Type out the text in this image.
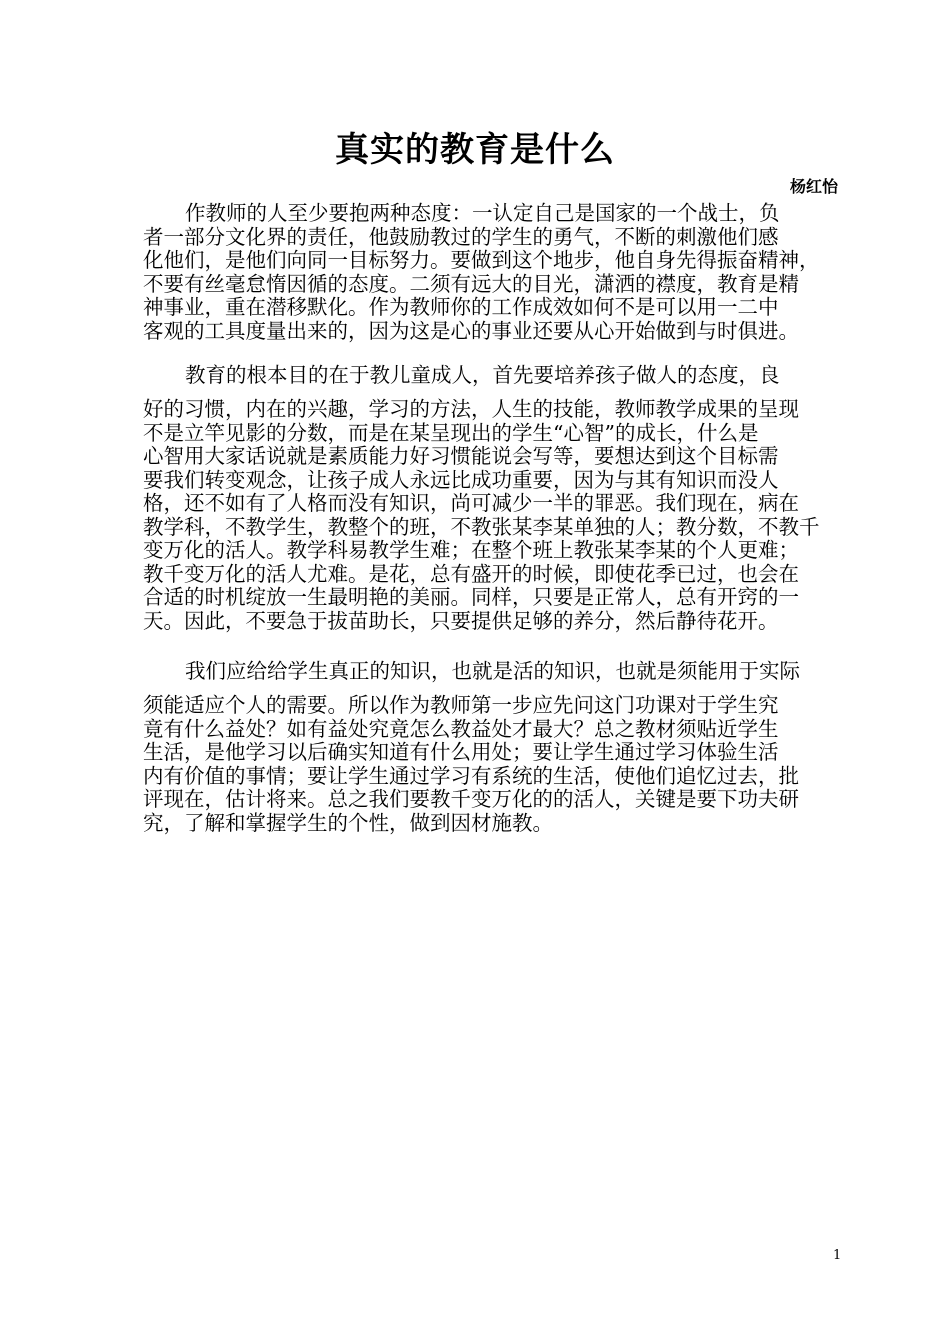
真实的教育是什么
杨红怡
作教师的人至少要抱两种态度：一认定自己是国家的一个战士，负
者一部分文化界的责任，他鼓励教过的学生的勇气，不断的刺激他们感
化他们，是他们向同一目标努力。要做到这个地步，他自身先得振奋精神，
不要有丝毫怠惰因循的态度。二须有远大的目光，潇洒的襟度，教育是精
神事业，重在潜移默化。作为教师你的工作成效如何不是可以用一二中
客观的工具度量出来的，因为这是心的事业还要从心开始做到与时俱进。
教育的根本目的在于教儿童成人，首先要培养孩子做人的态度，良
好的习惯，内在的兴趣，学习的方法，人生的技能，教师教学成果的呈现
不是立竿见影的分数，而是在某呈现出的学生“心智”的成长，什么是
心智用大家话说就是素质能力好习惯能说会写等，要想达到这个目标需
要我们转变观念，让孩子成人永远比成功重要，因为与其有知识而没人
格，还不如有了人格而没有知识，尚可减少一半的罪恶。我们现在，病在
教学科，不教学生，教整个的班，不教张某李某单独的人；教分数，不教千
变万化的活人。教学科易教学生难；在整个班上教张某李某的个人更难；
教千变万化的活人尤难。是花，总有盛开的时候，即使花季已过，也会在
合适的时机绽放一生最明艳的美丽。同样，只要是正常人，总有开窍的一
天。因此，不要急于拔苗助长，只要提供足够的养分，然后静待花开。
我们应给给学生真正的知识，也就是活的知识，也就是须能用于实际
须能适应个人的需要。所以作为教师第一步应先问这门功课对于学生究
竟有什么益处？如有益处究竟怎么教益处才最大？总之教材须贴近学生
生活，是他学习以后确实知道有什么用处；要让学生通过学习体验生活
内有价值的事情；要让学生通过学习有系统的生活，使他们追忆过去，批
评现在，估计将来。总之我们要教千变万化的的活人，关键是要下功夫研
究，了解和掌握学生的个性，做到因材施教。
1
